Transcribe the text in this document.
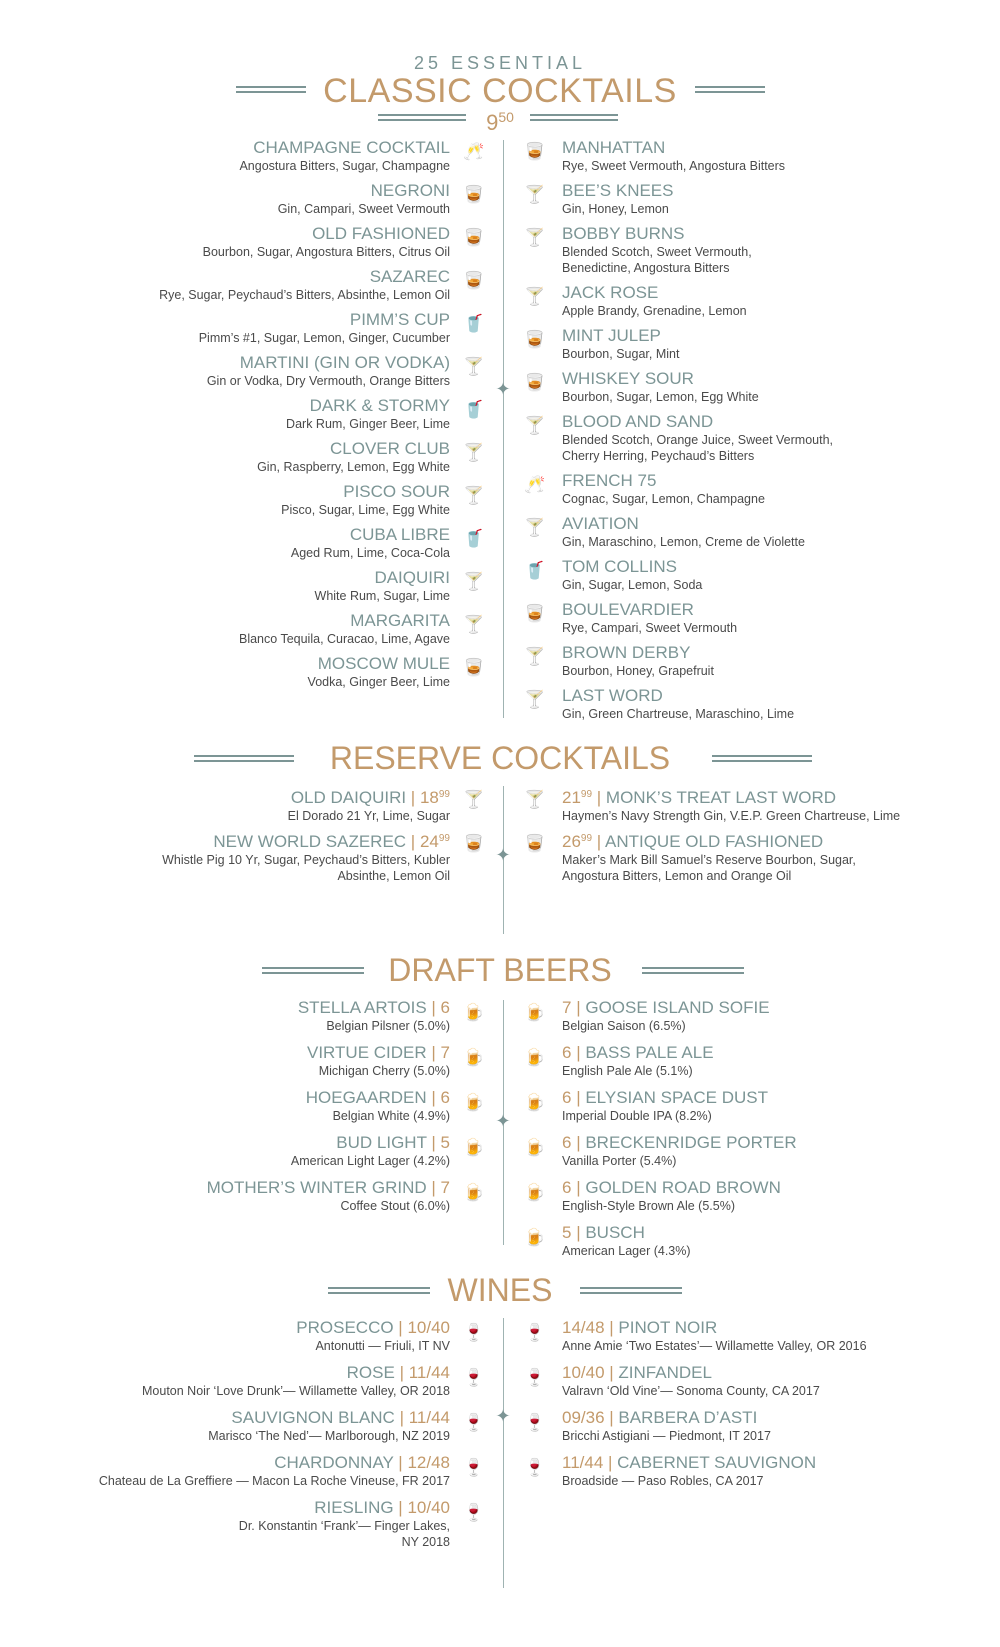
25 ESSENTIAL
CLASSIC COCKTAILS
$9^{50}$
✦
✦
✦
✦
CHAMPAGNE COCKTAIL
Angostura Bitters, Sugar, Champagne
NEGRONI
Gin, Campari, Sweet Vermouth
OLD FASHIONED
Bourbon, Sugar, Angostura Bitters, Citrus Oil
SAZAREC
Rye, Sugar, Peychaud’s Bitters, Absinthe, Lemon Oil
PIMM’S CUP
Pimm’s #1, Sugar, Lemon, Ginger, Cucumber
MARTINI (GIN OR VODKA)
Gin or Vodka, Dry Vermouth, Orange Bitters
DARK & STORMY
Dark Rum, Ginger Beer, Lime
CLOVER CLUB
Gin, Raspberry, Lemon, Egg White
PISCO SOUR
Pisco, Sugar, Lime, Egg White
CUBA LIBRE
Aged Rum, Lime, Coca-Cola
DAIQUIRI
White Rum, Sugar, Lime
MARGARITA
Blanco Tequila, Curacao, Lime, Agave
MOSCOW MULE
Vodka, Ginger Beer, Lime
🥂
🥃
🥃
🥃
🥤
🍸
🥤
🍸
🍸
🥤
🍸
🍸
🥃
MANHATTAN
Rye, Sweet Vermouth, Angostura Bitters
BEE’S KNEES
Gin, Honey, Lemon
BOBBY BURNS
Blended Scotch, Sweet Vermouth,
Benedictine, Angostura Bitters
JACK ROSE
Apple Brandy, Grenadine, Lemon
MINT JULEP
Bourbon, Sugar, Mint
WHISKEY SOUR
Bourbon, Sugar, Lemon, Egg White
BLOOD AND SAND
Blended Scotch, Orange Juice, Sweet Vermouth,
Cherry Herring, Peychaud’s Bitters
FRENCH 75
Cognac, Sugar, Lemon, Champagne
AVIATION
Gin, Maraschino, Lemon, Creme de Violette
TOM COLLINS
Gin, Sugar, Lemon, Soda
BOULEVARDIER
Rye, Campari, Sweet Vermouth
BROWN DERBY
Bourbon, Honey, Grapefruit
LAST WORD
Gin, Green Chartreuse, Maraschino, Lime
🥃
🍸
🍸
🍸
🥃
🥃
🍸
🥂
🍸
🥤
🥃
🍸
🍸
RESERVE COCKTAILS
OLD DAIQUIRI | $18^{99}$
El Dorado 21 Yr, Lime, Sugar
NEW WORLD SAZEREC | $24^{99}$
Whistle Pig 10 Yr, Sugar, Peychaud’s Bitters, Kubler
Absinthe, Lemon Oil
🍸
🥃
$21^{99}$ | MONK’S TREAT LAST WORD
Haymen’s Navy Strength Gin, V.E.P. Green Chartreuse, Lime
$26^{99}$ | ANTIQUE OLD FASHIONED
Maker’s Mark Bill Samuel’s Reserve Bourbon, Sugar,
Angostura Bitters, Lemon and Orange Oil
🍸
🥃
DRAFT BEERS
STELLA ARTOIS | 6
Belgian Pilsner (5.0%)
VIRTUE CIDER | 7
Michigan Cherry (5.0%)
HOEGAARDEN | 6
Belgian White (4.9%)
BUD LIGHT | 5
American Light Lager (4.2%)
MOTHER’S WINTER GRIND | 7
Coffee Stout (6.0%)
🍺
🍺
🍺
🍺
🍺
7 | GOOSE ISLAND SOFIE
Belgian Saison (6.5%)
6 | BASS PALE ALE
English Pale Ale (5.1%)
6 | ELYSIAN SPACE DUST
Imperial Double IPA (8.2%)
6 | BRECKENRIDGE PORTER
Vanilla Porter (5.4%)
6 | GOLDEN ROAD BROWN
English-Style Brown Ale (5.5%)
5 | BUSCH
American Lager (4.3%)
🍺
🍺
🍺
🍺
🍺
🍺
WINES
PROSECCO | 10/40
Antonutti — Friuli, IT NV
ROSE | 11/44
Mouton Noir ‘Love Drunk’— Willamette Valley, OR 2018
SAUVIGNON BLANC | 11/44
Marisco ‘The Ned’— Marlborough, NZ 2019
CHARDONNAY | 12/48
Chateau de La Greffiere — Macon La Roche Vineuse, FR 2017
RIESLING | 10/40
Dr. Konstantin ‘Frank’— Finger Lakes,
NY 2018
🍷
🍷
🍷
🍷
🍷
14/48 | PINOT NOIR
Anne Amie ‘Two Estates’— Willamette Valley, OR 2016
10/40 | ZINFANDEL
Valravn ‘Old Vine’— Sonoma County, CA 2017
09/36 | BARBERA D’ASTI
Bricchi Astigiani — Piedmont, IT 2017
11/44 | CABERNET SAUVIGNON
Broadside — Paso Robles, CA 2017
🍷
🍷
🍷
🍷
